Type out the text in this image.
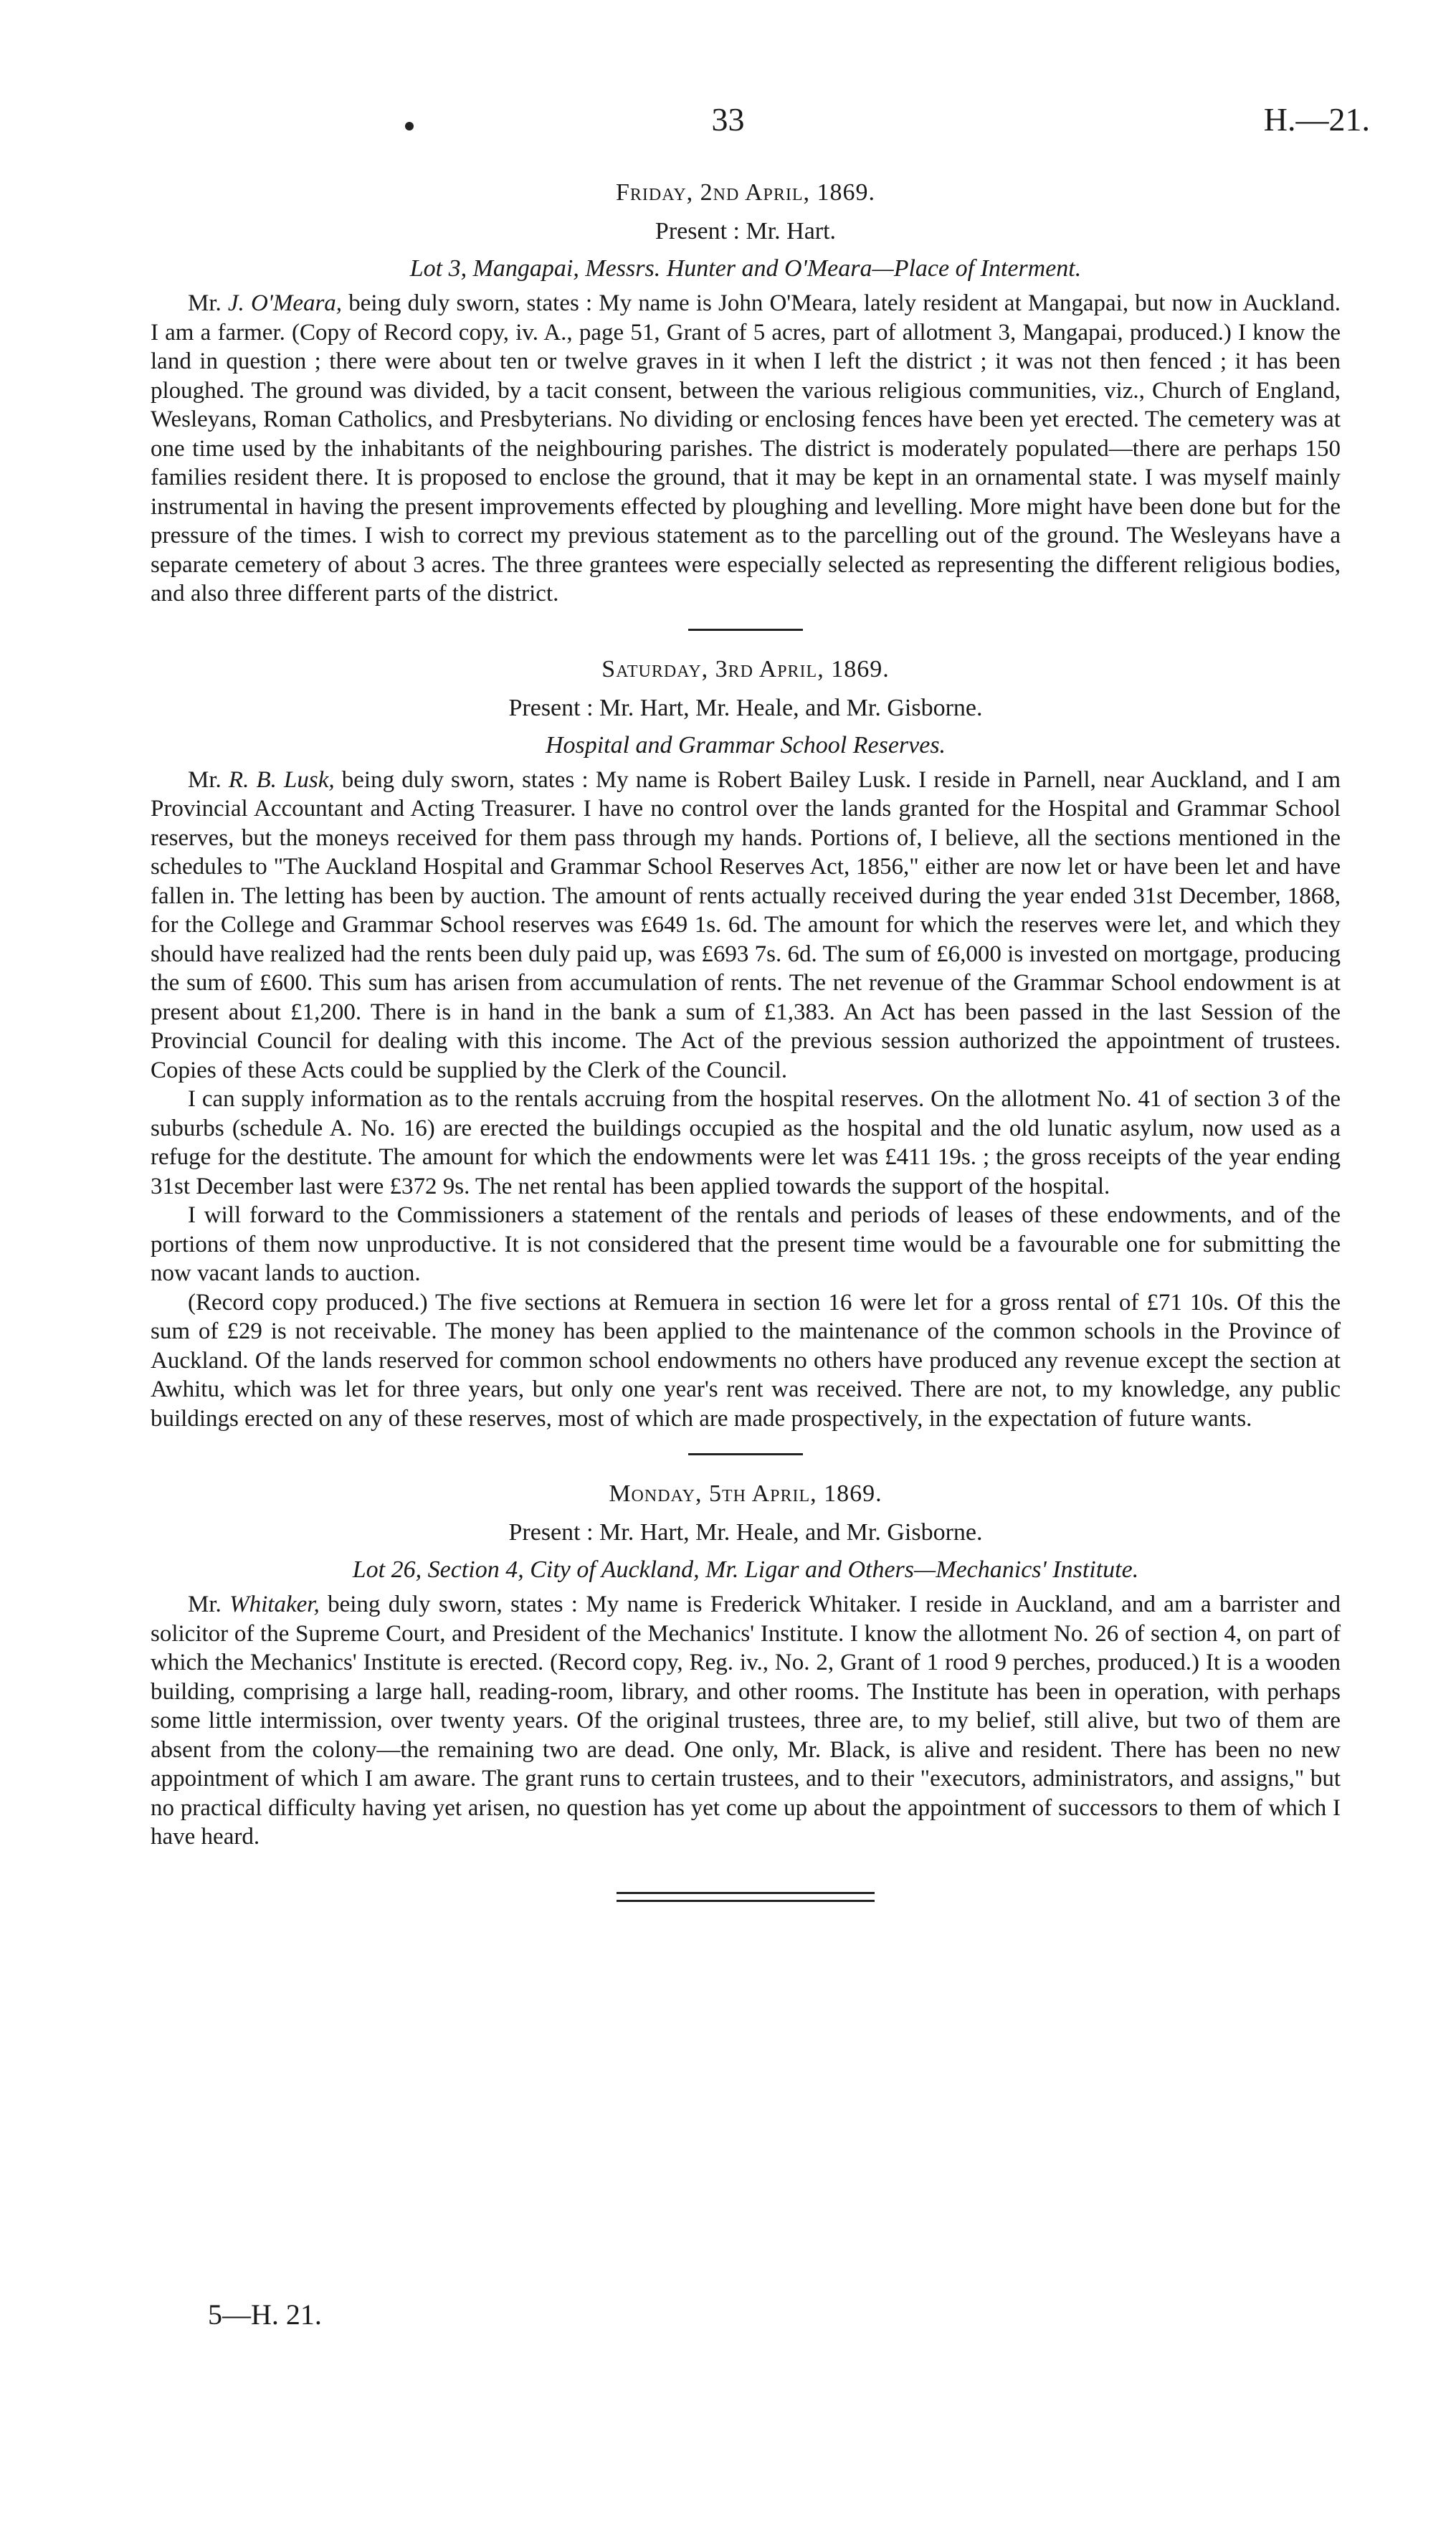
33	H.—21.

Friday, 2nd April, 1869.

Present : Mr. Hart.

Lot 3, Mangapai, Messrs. Hunter and O'Meara—Place of Interment.

Mr. J. O'Meara, being duly sworn, states : My name is John O'Meara, lately resident at Mangapai, but now in Auckland. I am a farmer. (Copy of Record copy, iv. A., page 51, Grant of 5 acres, part of allotment 3, Mangapai, produced.) I know the land in question ; there were about ten or twelve graves in it when I left the district ; it was not then fenced ; it has been ploughed. The ground was divided, by a tacit consent, between the various religious communities, viz., Church of England, Wesleyans, Roman Catholics, and Presbyterians. No dividing or enclosing fences have been yet erected. The cemetery was at one time used by the inhabitants of the neighbouring parishes. The district is moderately populated—there are perhaps 150 families resident there. It is proposed to enclose the ground, that it may be kept in an ornamental state. I was myself mainly instrumental in having the present improvements effected by ploughing and levelling. More might have been done but for the pressure of the times. I wish to correct my previous statement as to the parcelling out of the ground. The Wesleyans have a separate cemetery of about 3 acres. The three grantees were especially selected as representing the different religious bodies, and also three different parts of the district.

Saturday, 3rd April, 1869.

Present : Mr. Hart, Mr. Heale, and Mr. Gisborne.

Hospital and Grammar School Reserves.

Mr. R. B. Lusk, being duly sworn, states : My name is Robert Bailey Lusk. I reside in Parnell, near Auckland, and I am Provincial Accountant and Acting Treasurer. I have no control over the lands granted for the Hospital and Grammar School reserves, but the moneys received for them pass through my hands. Portions of, I believe, all the sections mentioned in the schedules to "The Auckland Hospital and Grammar School Reserves Act, 1856," either are now let or have been let and have fallen in. The letting has been by auction. The amount of rents actually received during the year ended 31st December, 1868, for the College and Grammar School reserves was £649 1s. 6d. The amount for which the reserves were let, and which they should have realized had the rents been duly paid up, was £693 7s. 6d. The sum of £6,000 is invested on mortgage, producing the sum of £600. This sum has arisen from accumulation of rents. The net revenue of the Grammar School endowment is at present about £1,200. There is in hand in the bank a sum of £1,383. An Act has been passed in the last Session of the Provincial Council for dealing with this income. The Act of the previous session authorized the appointment of trustees. Copies of these Acts could be supplied by the Clerk of the Council.

I can supply information as to the rentals accruing from the hospital reserves. On the allotment No. 41 of section 3 of the suburbs (schedule A. No. 16) are erected the buildings occupied as the hospital and the old lunatic asylum, now used as a refuge for the destitute. The amount for which the endowments were let was £411 19s. ; the gross receipts of the year ending 31st December last were £372 9s. The net rental has been applied towards the support of the hospital.

I will forward to the Commissioners a statement of the rentals and periods of leases of these endowments, and of the portions of them now unproductive. It is not considered that the present time would be a favourable one for submitting the now vacant lands to auction.

(Record copy produced.) The five sections at Remuera in section 16 were let for a gross rental of £71 10s. Of this the sum of £29 is not receivable. The money has been applied to the maintenance of the common schools in the Province of Auckland. Of the lands reserved for common school endowments no others have produced any revenue except the section at Awhitu, which was let for three years, but only one year's rent was received. There are not, to my knowledge, any public buildings erected on any of these reserves, most of which are made prospectively, in the expectation of future wants.

Monday, 5th April, 1869.

Present : Mr. Hart, Mr. Heale, and Mr. Gisborne.

Lot 26, Section 4, City of Auckland, Mr. Ligar and Others—Mechanics' Institute.

Mr. Whitaker, being duly sworn, states : My name is Frederick Whitaker. I reside in Auckland, and am a barrister and solicitor of the Supreme Court, and President of the Mechanics' Institute. I know the allotment No. 26 of section 4, on part of which the Mechanics' Institute is erected. (Record copy, Reg. iv., No. 2, Grant of 1 rood 9 perches, produced.) It is a wooden building, comprising a large hall, reading-room, library, and other rooms. The Institute has been in operation, with perhaps some little intermission, over twenty years. Of the original trustees, three are, to my belief, still alive, but two of them are absent from the colony—the remaining two are dead. One only, Mr. Black, is alive and resident. There has been no new appointment of which I am aware. The grant runs to certain trustees, and to their "executors, administrators, and assigns," but no practical difficulty having yet arisen, no question has yet come up about the appointment of successors to them of which I have heard.

5—H. 21.
